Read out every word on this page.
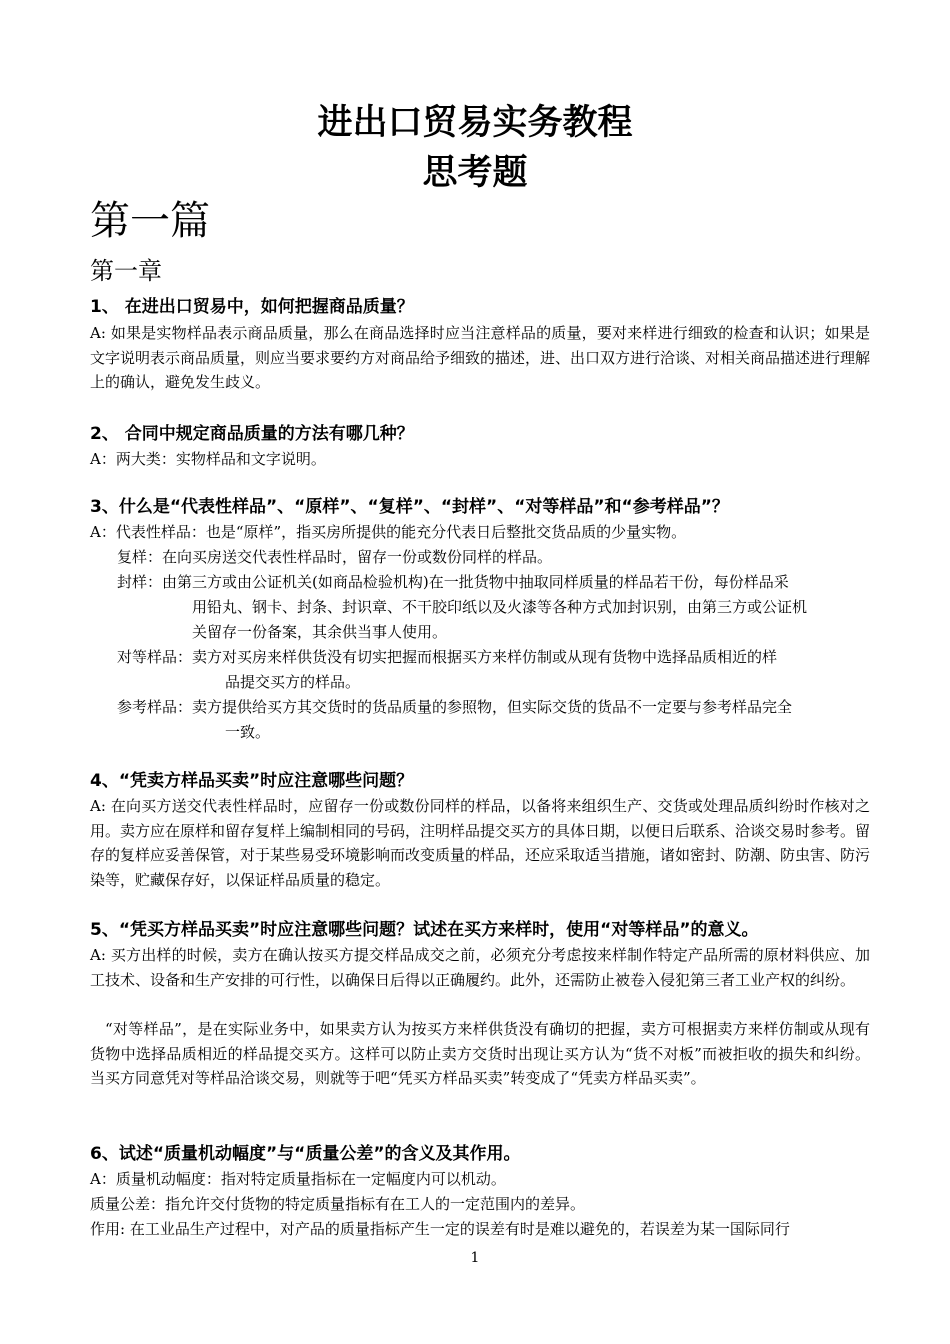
进出口贸易实务教程
思考题
第一篇
第一章
1、 在进出口贸易中，如何把握商品质量？
A: 如果是实物样品表示商品质量，那么在商品选择时应当注意样品的质量，要对来样进行细致的检查和认识；如果是文字说明表示商品质量，则应当要求要约方对商品给予细致的描述，进、出口双方进行洽谈、对相关商品描述进行理解上的确认，避免发生歧义。
2、 合同中规定商品质量的方法有哪几种？
A：两大类：实物样品和文字说明。
3、什么是“代表性样品”、“原样”、“复样”、“封样”、“对等样品”和“参考样品”？
A：代表性样品：也是“原样”，指买房所提供的能充分代表日后整批交货品质的少量实物。
复样：在向买房送交代表性样品时，留存一份或数份同样的样品。
封样：由第三方或由公证机关(如商品检验机构)在一批货物中抽取同样质量的样品若干份，每份样品采
用铅丸、钢卡、封条、封识章、不干胶印纸以及火漆等各种方式加封识别，由第三方或公证机
关留存一份备案，其余供当事人使用。
对等样品：卖方对买房来样供货没有切实把握而根据买方来样仿制或从现有货物中选择品质相近的样
品提交买方的样品。
参考样品：卖方提供给买方其交货时的货品质量的参照物，但实际交货的货品不一定要与参考样品完全
一致。
4、“凭卖方样品买卖”时应注意哪些问题？
A: 在向买方送交代表性样品时，应留存一份或数份同样的样品，以备将来组织生产、交货或处理品质纠纷时作核对之用。卖方应在原样和留存复样上编制相同的号码，注明样品提交买方的具体日期，以便日后联系、洽谈交易时参考。留存的复样应妥善保管，对于某些易受环境影响而改变质量的样品，还应采取适当措施，诸如密封、防潮、防虫害、防污染等，贮藏保存好，以保证样品质量的稳定。
5、“凭买方样品买卖”时应注意哪些问题？试述在买方来样时，使用“对等样品”的意义。
A: 买方出样的时候，卖方在确认按买方提交样品成交之前，必须充分考虑按来样制作特定产品所需的原材料供应、加工技术、设备和生产安排的可行性，以确保日后得以正确履约。此外，还需防止被卷入侵犯第三者工业产权的纠纷。
“对等样品”，是在实际业务中，如果卖方认为按买方来样供货没有确切的把握，卖方可根据卖方来样仿制或从现有货物中选择品质相近的样品提交买方。这样可以防止卖方交货时出现让买方认为“货不对板”而被拒收的损失和纠纷。当买方同意凭对等样品洽谈交易，则就等于吧“凭买方样品买卖”转变成了“凭卖方样品买卖”。
6、试述“质量机动幅度”与“质量公差”的含义及其作用。
A：质量机动幅度：指对特定质量指标在一定幅度内可以机动。
质量公差：指允许交付货物的特定质量指标有在工人的一定范围内的差异。
作用: 在工业品生产过程中，对产品的质量指标产生一定的误差有时是难以避免的，若误差为某一国际同行
1
